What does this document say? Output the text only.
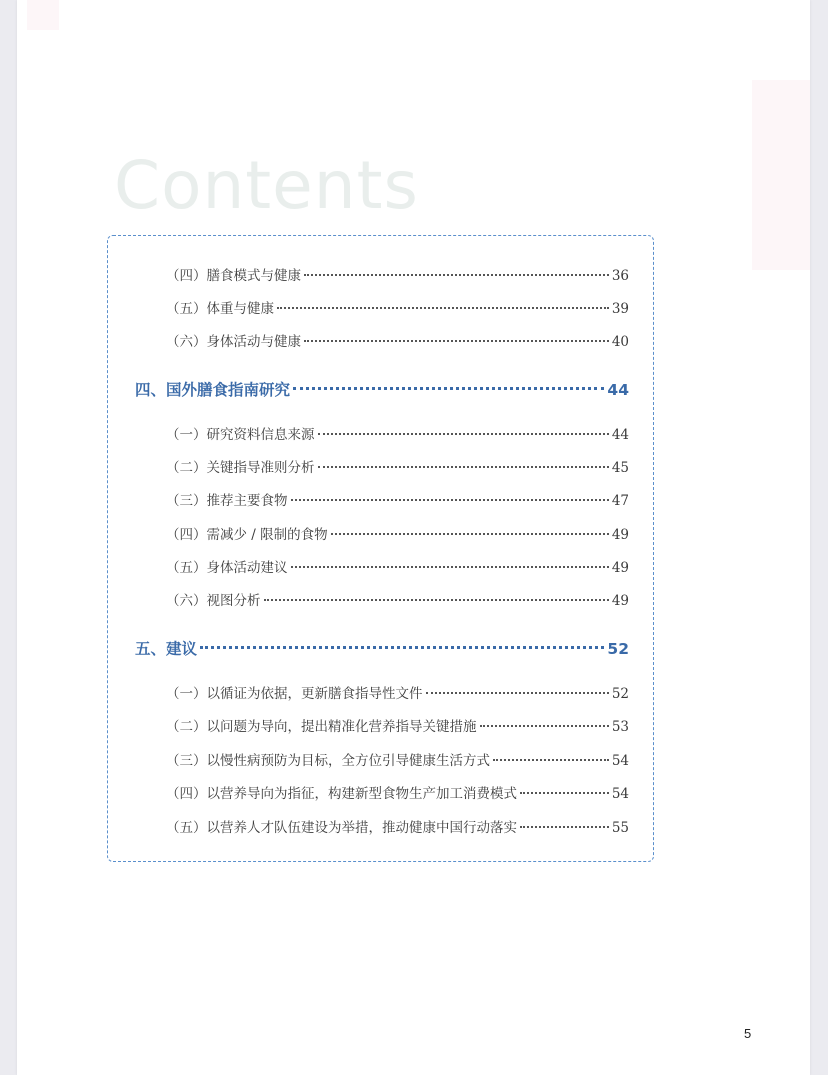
Contents
（四）膳食模式与健康	36
（五）体重与健康	39
（六）身体活动与健康	40
四、国外膳食指南研究	44
（一）研究资料信息来源	44
（二）关键指导准则分析	45
（三）推荐主要食物	47
（四）需减少 / 限制的食物	49
（五）身体活动建议	49
（六）视图分析	49
五、建议	52
（一）以循证为依据，更新膳食指导性文件	52
（二）以问题为导向，提出精准化营养指导关键措施	53
（三）以慢性病预防为目标，全方位引导健康生活方式	54
（四）以营养导向为指征，构建新型食物生产加工消费模式	54
（五）以营养人才队伍建设为举措，推动健康中国行动落实	55
5
